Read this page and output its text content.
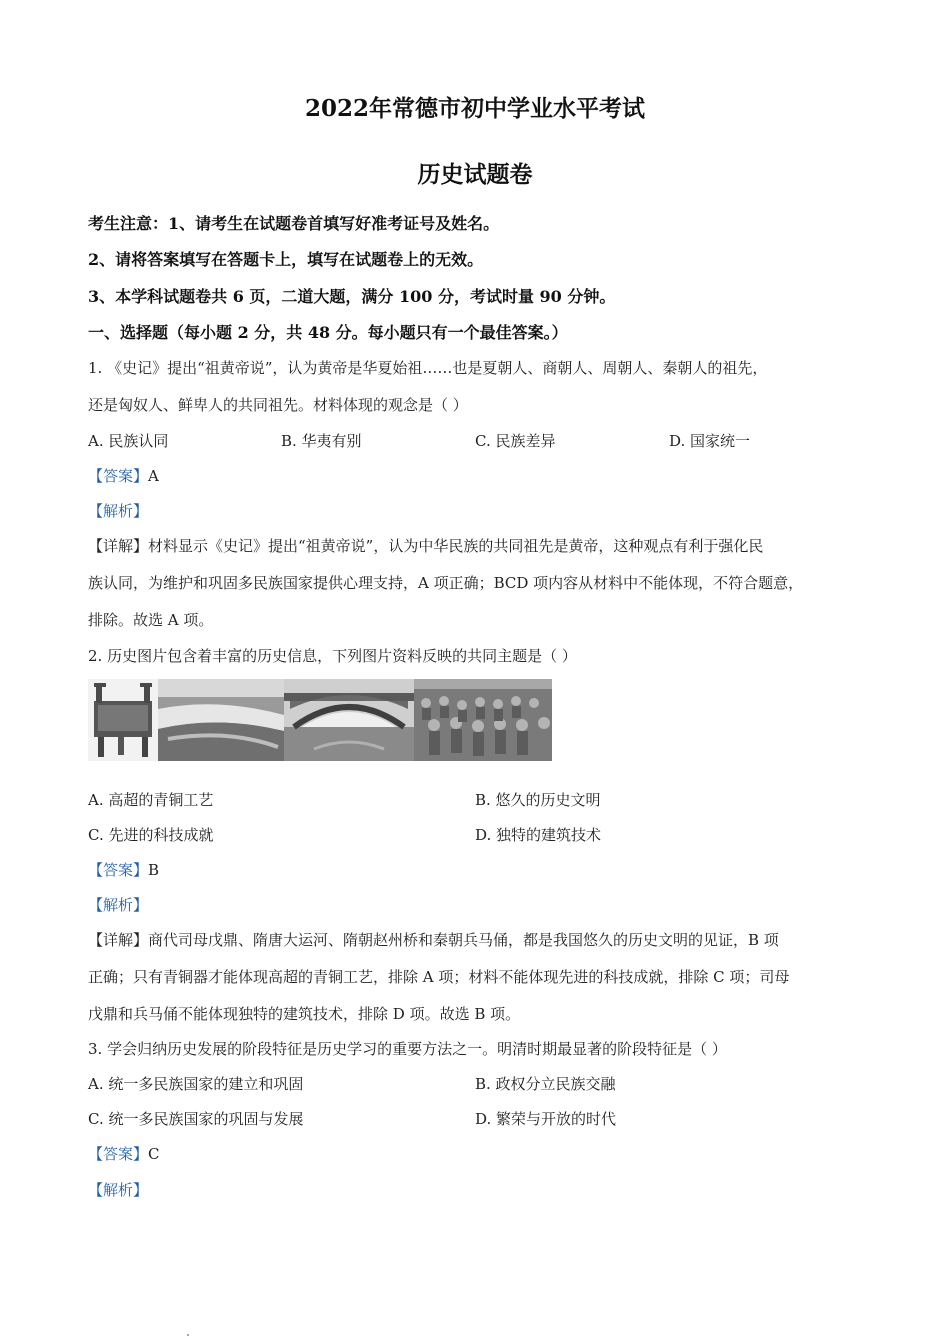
2022年常德市初中学业水平考试
历史试题卷
考生注意：1、请考生在试题卷首填写好准考证号及姓名。
2、请将答案填写在答题卡上，填写在试题卷上的无效。
3、本学科试题卷共 6 页，二道大题，满分 100 分，考试时量 90 分钟。
一、选择题（每小题 2 分，共 48 分。每小题只有一个最佳答案。）
1. 《史记》提出“祖黄帝说”，认为黄帝是华夏始祖……也是夏朝人、商朝人、周朝人、秦朝人的祖先，
还是匈奴人、鲜卑人的共同祖先。材料体现的观念是（ ）
A. 民族认同	B. 华夷有别	C. 民族差异	D. 国家统一
【答案】A
【解析】
【详解】材料显示《史记》提出“祖黄帝说”，认为中华民族的共同祖先是黄帝，这种观点有利于强化民
族认同，为维护和巩固多民族国家提供心理支持，A 项正确；BCD 项内容从材料中不能体现，不符合题意，
排除。故选 A 项。
2. 历史图片包含着丰富的历史信息，下列图片资料反映的共同主题是（ ）
A. 高超的青铜工艺	B. 悠久的历史文明
C. 先进的科技成就	D. 独特的建筑技术
【答案】B
【解析】
【详解】商代司母戊鼎、隋唐大运河、隋朝赵州桥和秦朝兵马俑，都是我国悠久的历史文明的见证，B 项
正确；只有青铜器才能体现高超的青铜工艺，排除 A 项；材料不能体现先进的科技成就，排除 C 项；司母
戊鼎和兵马俑不能体现独特的建筑技术，排除 D 项。故选 B 项。
3. 学会归纳历史发展的阶段特征是历史学习的重要方法之一。明清时期最显著的阶段特征是（ ）
A. 统一多民族国家的建立和巩固	B. 政权分立民族交融
C. 统一多民族国家的巩固与发展	D. 繁荣与开放的时代
【答案】C
【解析】
